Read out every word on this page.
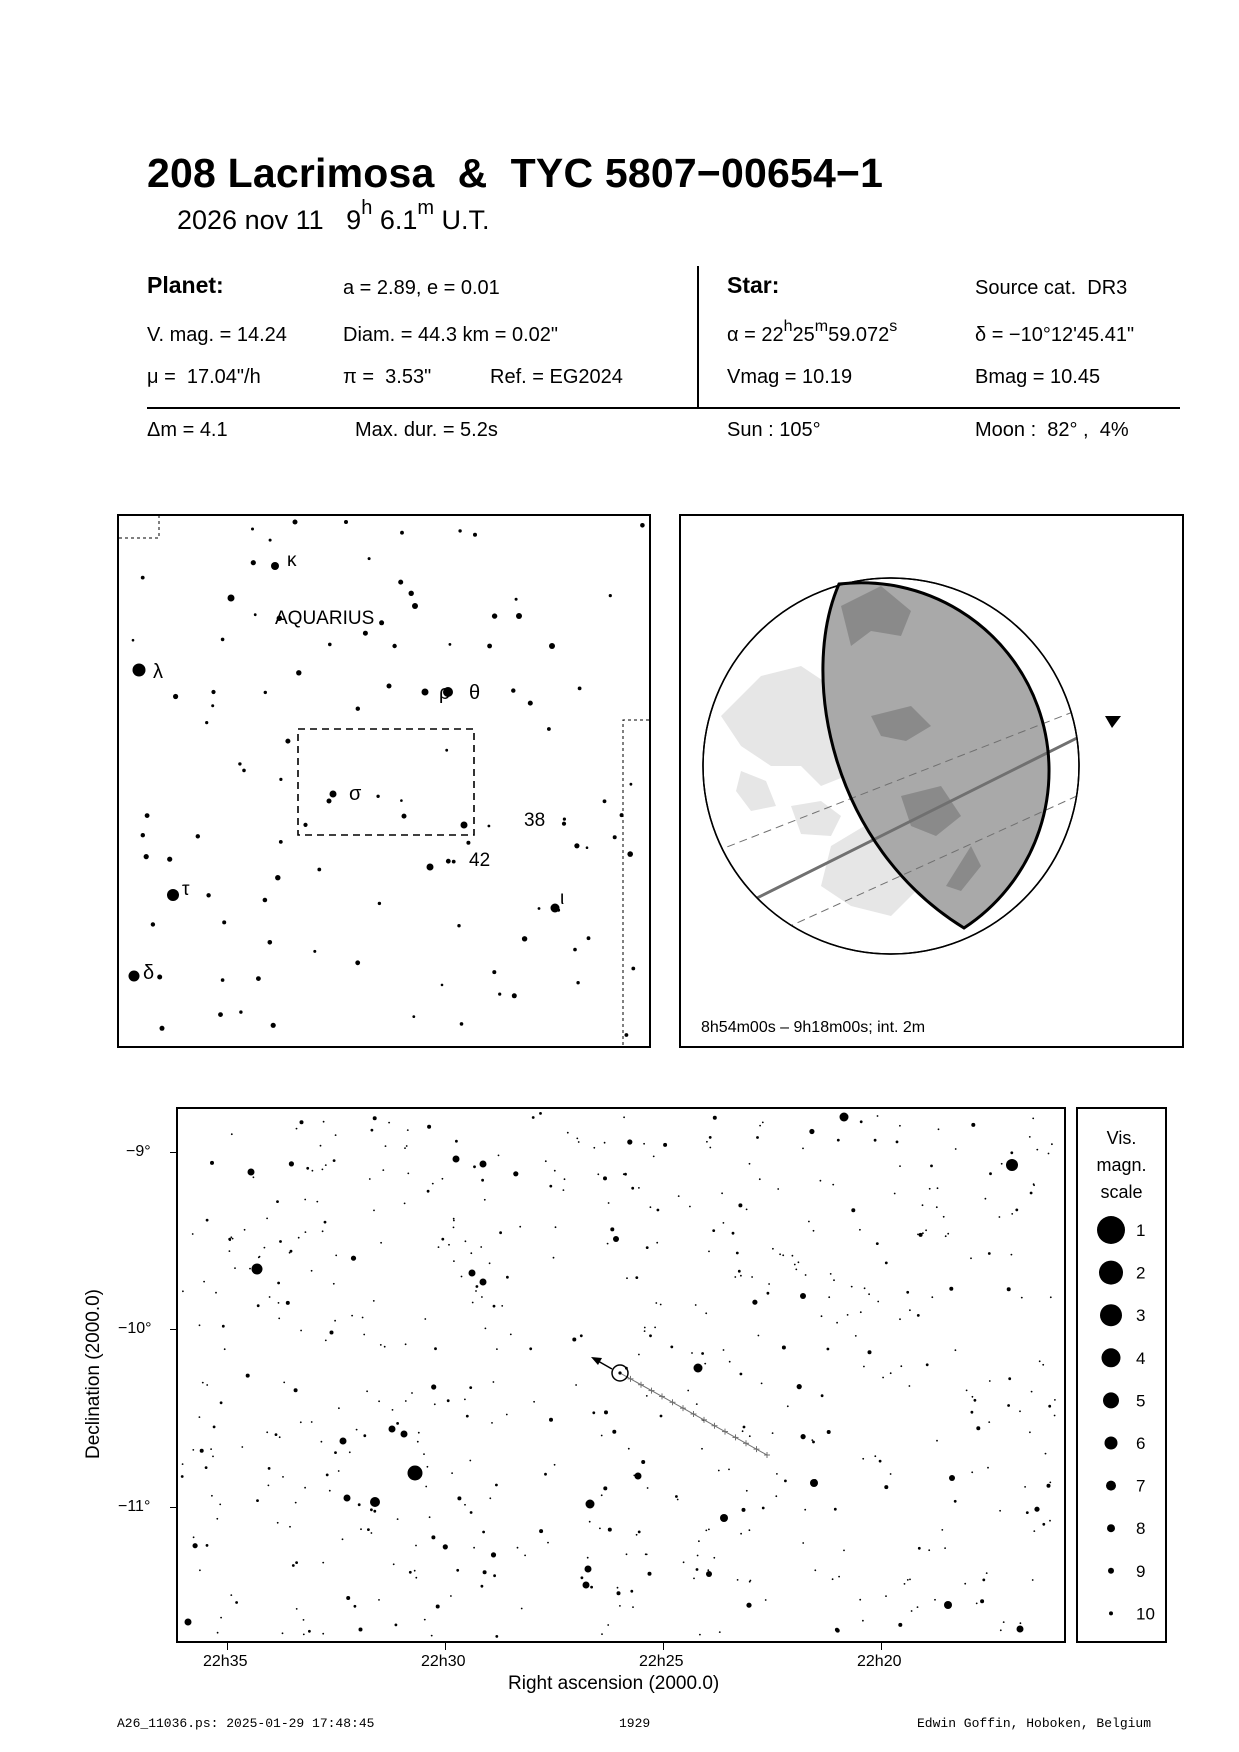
208 Lacrimosa  &  TYC 5807−00654−1
2026 nov 11 9$^h$ 6.1$^m$ U.T.
Planet:	a = 2.89, e = 0.01
V. mag. = 14.24	Diam. = 44.3 km = 0.02"
μ =  17.04"/h	π =  3.53"	Ref. = EG2024
Star:	Source cat.  DR3
$\alpha = 22^h25^m59.072^s$	δ = −10°12'45.41"
Vmag = 10.19	Bmag = 10.45
Δm = 4.1	Max. dur. = 5.2s	Sun : 105°	Moon :  82° ,  4%
AQUARIUS
κ
λ
ρ θ
σ
38
42
τ	ι
δ
8h54m00s – 9h18m00s; int. 2m
−9°
−10°
−11°
22h35	22h30	22h25	22h20
Right ascension (2000.0)
Declination (2000.0)
Vis.
magn.
scale
1
2
3
4
5
6
7
8
9
10
A26_11036.ps: 2025-01-29 17:48:45	1929	Edwin Goffin, Hoboken, Belgium
